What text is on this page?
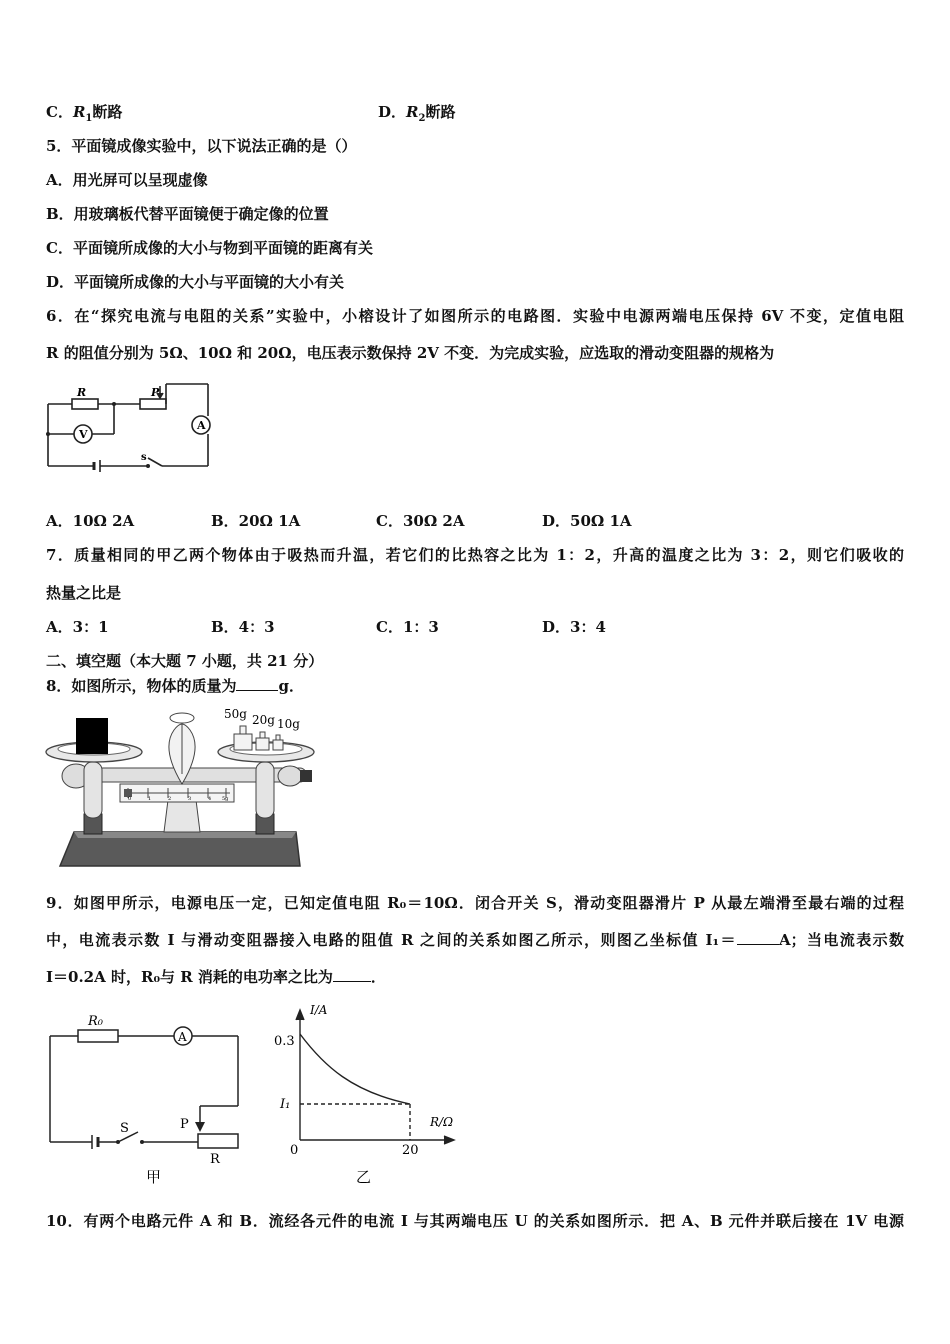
C．$R_1$断路	D．$R_2$断路
5．平面镜成像实验中，以下说法正确的是（）
A．用光屏可以呈现虚像
B．用玻璃板代替平面镜便于确定像的位置
C．平面镜所成像的大小与物到平面镜的距离有关
D．平面镜所成像的大小与平面镜的大小有关
6．在“探究电流与电阻的关系”实验中，小榕设计了如图所示的电路图．实验中电源两端电压保持 6V 不变，定值电阻
R 的阻值分别为 5Ω、10Ω 和 20Ω，电压表示数保持 2V 不变．为完成实验，应选取的滑动变阻器的规格为
R	P
V
A
s
A．10Ω 2A	B．20Ω 1A	C．30Ω 2A	D．50Ω 1A
7．质量相同的甲乙两个物体由于吸热而升温，若它们的比热容之比为 1：2，升高的温度之比为 3：2，则它们吸收的
热量之比是
A．3：1	B．4：3	C．1：3	D．3：4
二、填空题（本大题 7 小题，共 21 分）
8．如图所示，物体的质量为	g．
0	1	2	3	4 5g
50g 20g 10g
9．如图甲所示，电源电压一定，已知定值电阻 R₀＝10Ω．闭合开关 S，滑动变阻器滑片 P 从最左端滑至最右端的过程
中，电流表示数 I 与滑动变阻器接入电路的阻值 R 之间的关系如图乙所示，则图乙坐标值 I₁＝	A；当电流表示数
I＝0.2A 时，R₀与 R 消耗的电功率之比为	．
R₀
A
S	P
R
甲
I/A
R/Ω
0.3
I₁
0	20
乙
10．有两个电路元件 A 和 B．流经各元件的电流 I 与其两端电压 U 的关系如图所示．把 A、B 元件并联后接在 1V 电源
